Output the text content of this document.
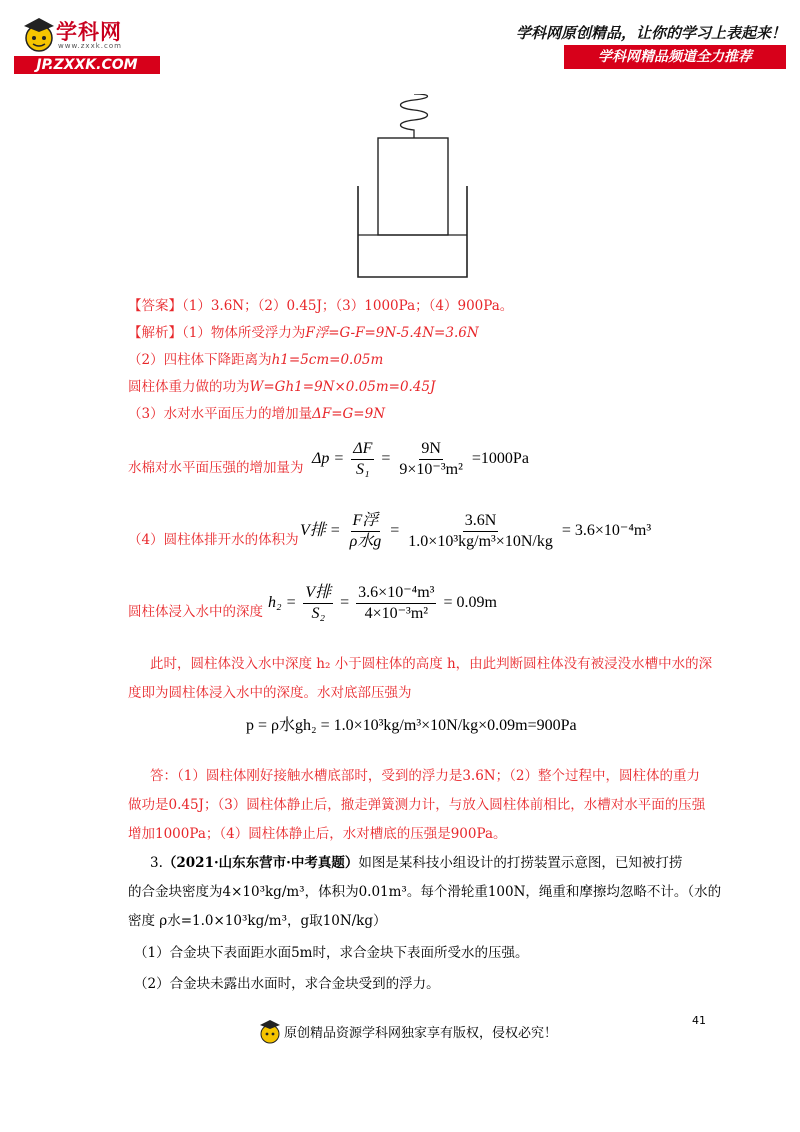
学科网
www.zxxk.com
JP.ZXXK.COM
学科网原创精品，让你的学习上表起来！
学科网精品频道全力推荐
【答案】（1）3.6N；（2）0.45J；（3）1000Pa；（4）900Pa。
【解析】（1）物体所受浮力为F浮=G-F=9N-5.4N=3.6N
（2）四柱体下降距离为h1=5cm=0.05m
圆柱体重力做的功为W=Gh1=9N×0.05m=0.45J
（3）水对水平面压力的增加量ΔF=G=9N
水棉对水平面压强的增加量为
$\Delta p = \frac{\Delta F}{\text{S₁}} = \frac{9N}{\text{9×10⁻³m²}} =1000Pa$
（4）圆柱体排开水的体积为
V排 = $\frac{\text{F浮}}{\text{ρ水g}} = \frac{3.6N}{\text{1.0×10³kg/m³×10N/kg}} = 3.6\times 10^{-4}m^3$
圆柱体浸入水中的深度
$h_2 = \frac{\text{V排}}{\text{S₂}} = \frac{\text{3.6×10⁻⁴m³}}{\text{4×10⁻³m²}} = 0.09m$
此时，圆柱体没入水中深度 h₂ 小于圆柱体的高度 h，由此判断圆柱体没有被浸没水槽中水的深
度即为圆柱体浸入水中的深度。水对底部压强为
p = ρ水gh₂ = 1.0×10³kg/m³×10N/kg×0.09m=900Pa
答：（1）圆柱体刚好接触水槽底部时，受到的浮力是3.6N；（2）整个过程中，圆柱体的重力
做功是0.45J；（3）圆柱体静止后，撤走弹簧测力计，与放入圆柱体前相比，水槽对水平面的压强
增加1000Pa；（4）圆柱体静止后，水对槽底的压强是900Pa。
3.（2021·山东东营市·中考真题）如图是某科技小组设计的打捞装置示意图，已知被打捞
的合金块密度为4×10³kg/m³，体积为0.01m³。每个滑轮重100N，绳重和摩擦均忽略不计。（水的
密度 ρ水=1.0×10³kg/m³，g取10N/kg）
（1）合金块下表面距水面5m时，求合金块下表面所受水的压强。
（2）合金块未露出水面时，求合金块受到的浮力。
41
原创精品资源学科网独家享有版权，侵权必究！
